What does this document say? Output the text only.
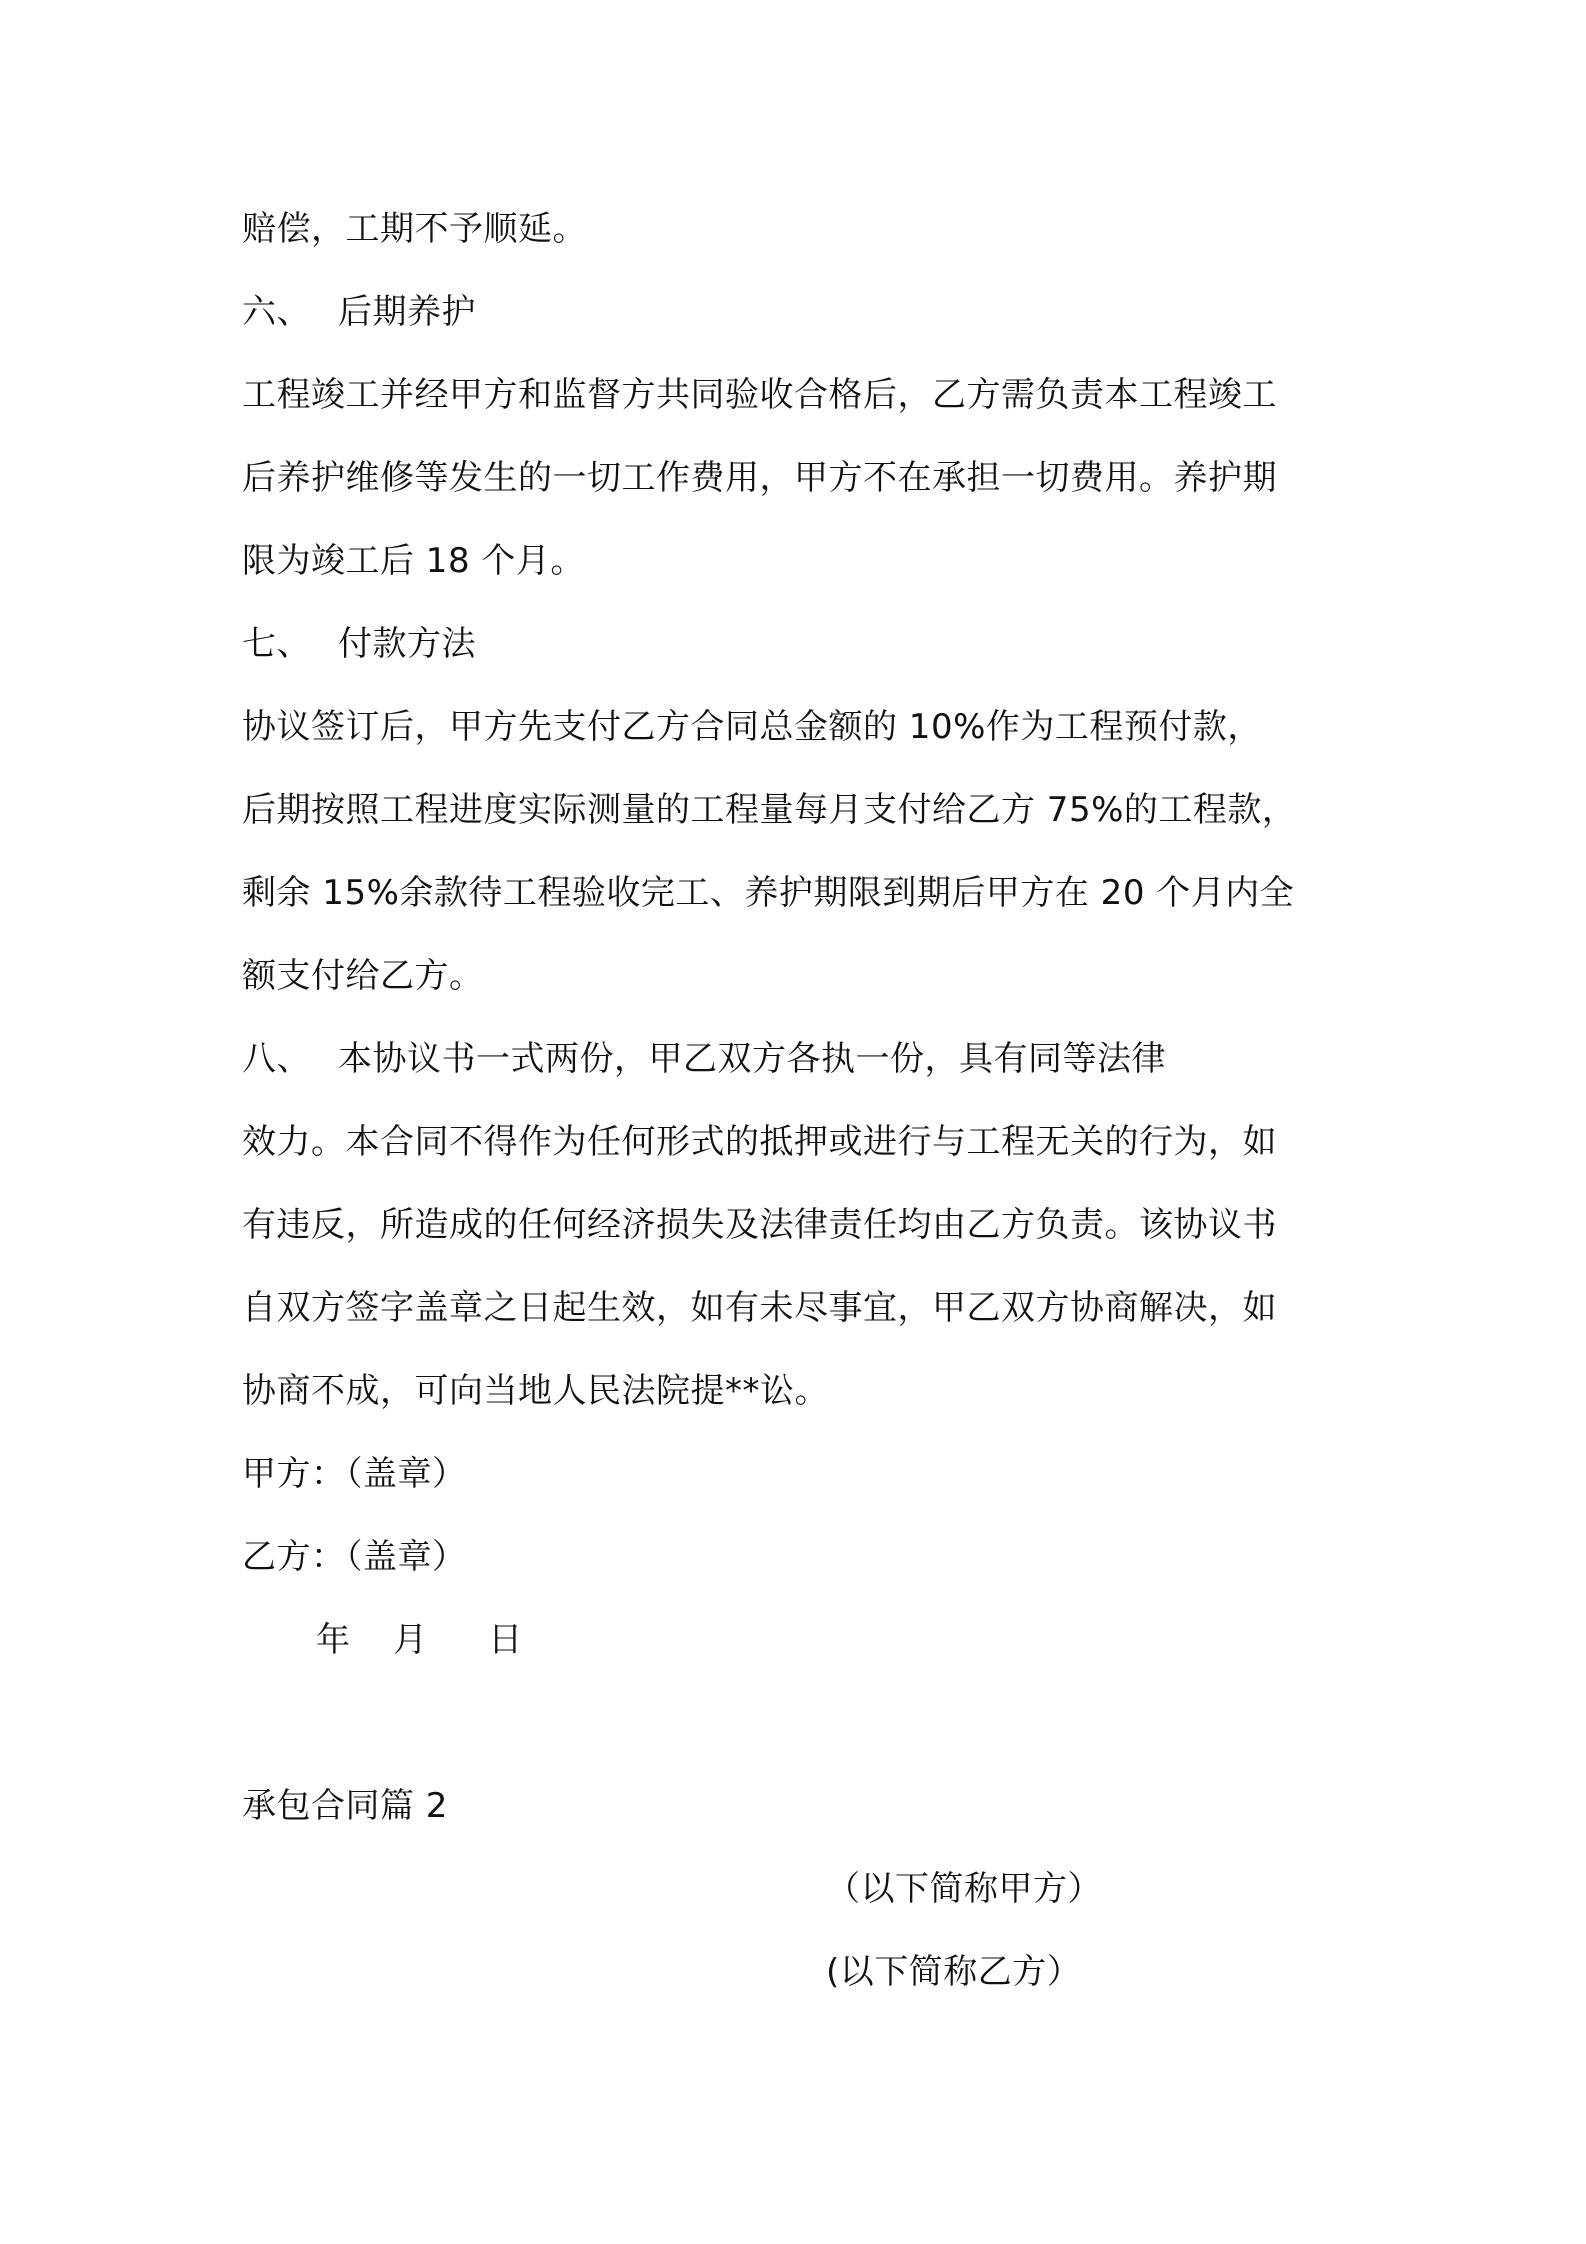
赔偿，工期不予顺延。
六、 后期养护
工程竣工并经甲方和监督方共同验收合格后，乙方需负责本工程竣工
后养护维修等发生的一切工作费用，甲方不在承担一切费用。养护期
限为竣工后 18 个月。
七、 付款方法
协议签订后，甲方先支付乙方合同总金额的 10%作为工程预付款，
后期按照工程进度实际测量的工程量每月支付给乙方 75%的工程款，
剩余 15%余款待工程验收完工、养护期限到期后甲方在 20 个月内全
额支付给乙方。
八、 本协议书一式两份，甲乙双方各执一份，具有同等法律
效力。本合同不得作为任何形式的抵押或进行与工程无关的行为，如
有违反，所造成的任何经济损失及法律责任均由乙方负责。该协议书
自双方签字盖章之日起生效，如有未尽事宜，甲乙双方协商解决，如
协商不成，可向当地人民法院提**讼。
甲方：（盖章）
乙方：（盖章）
年 月 日
承包合同篇 2
（以下简称甲方）
(以下简称乙方）
